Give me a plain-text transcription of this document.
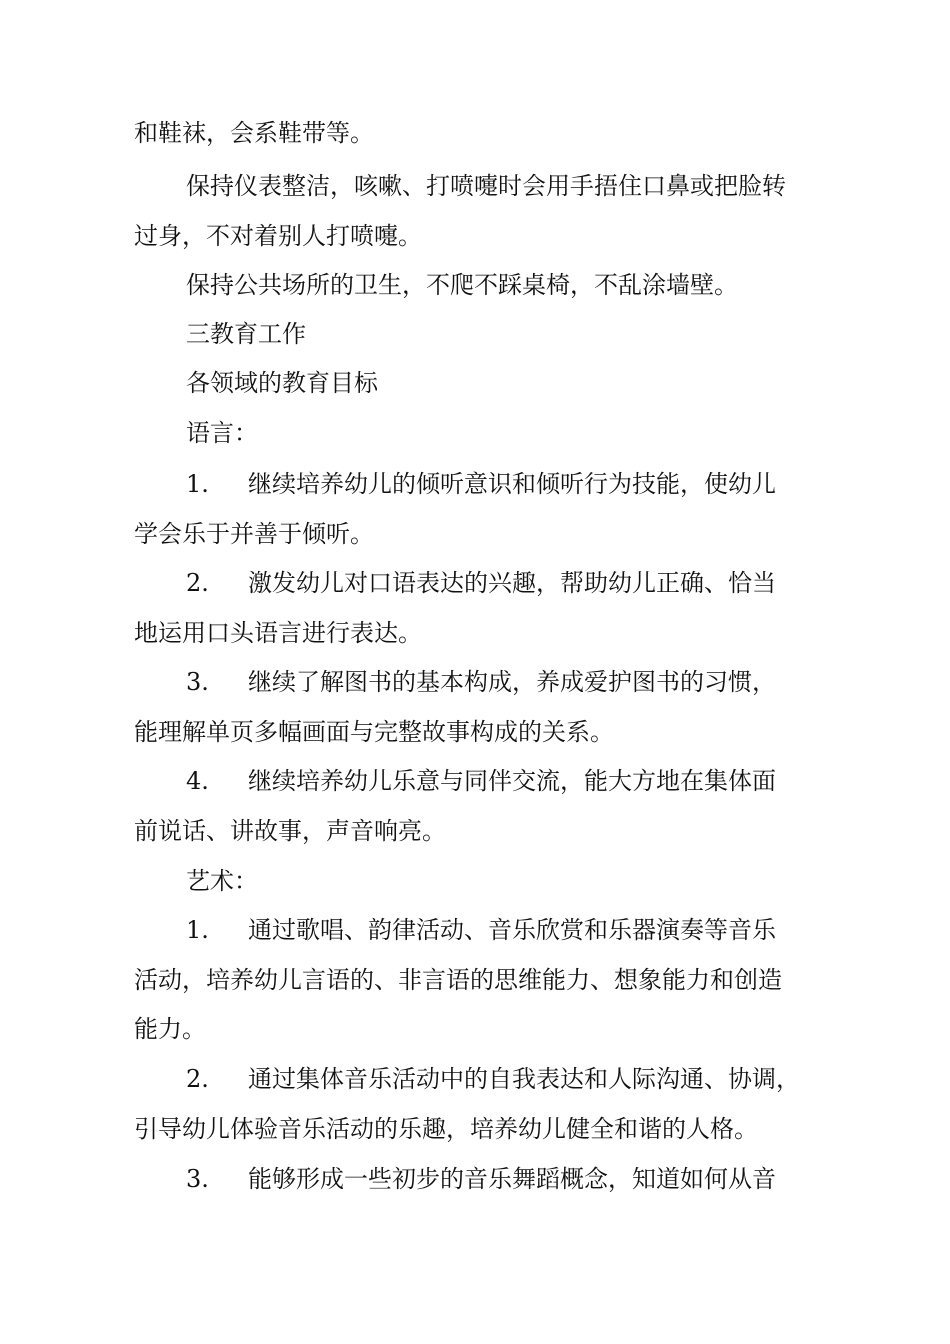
和鞋袜，会系鞋带等。
保持仪表整洁，咳嗽、打喷嚏时会用手捂住口鼻或把脸转
过身，不对着别人打喷嚏。
保持公共场所的卫生，不爬不踩桌椅，不乱涂墙壁。
三教育工作
各领域的教育目标
语言：
1. 继续培养幼儿的倾听意识和倾听行为技能，使幼儿
学会乐于并善于倾听。
2. 激发幼儿对口语表达的兴趣，帮助幼儿正确、恰当
地运用口头语言进行表达。
3. 继续了解图书的基本构成，养成爱护图书的习惯，
能理解单页多幅画面与完整故事构成的关系。
4. 继续培养幼儿乐意与同伴交流，能大方地在集体面
前说话、讲故事，声音响亮。
艺术：
1. 通过歌唱、韵律活动、音乐欣赏和乐器演奏等音乐
活动，培养幼儿言语的、非言语的思维能力、想象能力和创造
能力。
2. 通过集体音乐活动中的自我表达和人际沟通、协调，
引导幼儿体验音乐活动的乐趣，培养幼儿健全和谐的人格。
3. 能够形成一些初步的音乐舞蹈概念，知道如何从音
